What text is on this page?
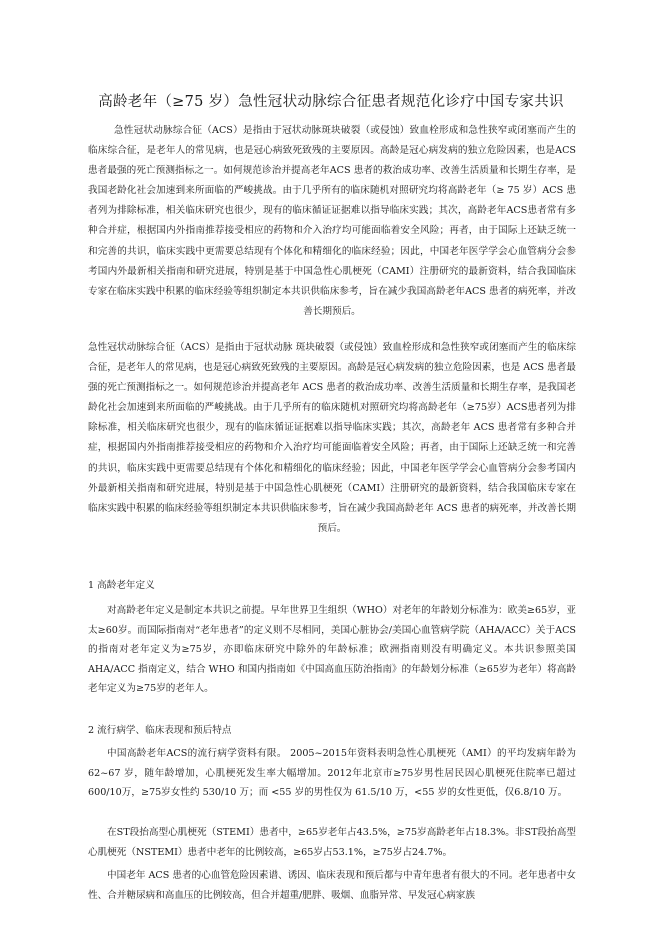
高龄老年（≥75 岁）急性冠状动脉综合征患者规范化诊疗中国专家共识
急性冠状动脉综合征（ACS）是指由于冠状动脉斑块破裂（或侵蚀）致血栓形成和急性狭窄或闭塞而产生的临床综合征，是老年人的常见病，也是冠心病致死致残的主要原因。高龄是冠心病发病的独立危险因素，也是ACS 患者最强的死亡预测指标之一。如何规范诊治并提高老年ACS 患者的救治成功率、改善生活质量和长期生存率，是我国老龄化社会加速到来所面临的严峻挑战。由于几乎所有的临床随机对照研究均将高龄老年（≥ 75 岁）ACS 患者列为排除标准，相关临床研究也很少，现有的临床循证证据难以指导临床实践；其次，高龄老年ACS患者常有多种合并症，根据国内外指南推荐接受相应的药物和介入治疗均可能面临着安全风险；再者，由于国际上还缺乏统一和完善的共识，临床实践中更需要总结现有个体化和精细化的临床经验；因此，中国老年医学学会心血管病分会参考国内外最新相关指南和研究进展，特别是基于中国急性心肌梗死（CAMI）注册研究的最新资料，结合我国临床专家在临床实践中积累的临床经验等组织制定本共识供临床参考，旨在减少我国高龄老年ACS 患者的病死率，并改善长期预后。
急性冠状动脉综合征（ACS）是指由于冠状动脉 斑块破裂（或侵蚀）致血栓形成和急性狭窄或闭塞而产生的临床综合征，是老年人的常见病，也是冠心病致死致残的主要原因。高龄是冠心病发病的独立危险因素，也是 ACS 患者最强的死亡预测指标之一。如何规范诊治并提高老年 ACS 患者的救治成功率、改善生活质量和长期生存率，是我国老龄化社会加速到来所面临的严峻挑战。由于几乎所有的临床随机对照研究均将高龄老年（≥75岁）ACS患者列为排除标准，相关临床研究也很少，现有的临床循证证据难以指导临床实践；其次，高龄老年 ACS 患者常有多种合并症，根据国内外指南推荐接受相应的药物和介入治疗均可能面临着安全风险；再者，由于国际上还缺乏统一和完善的共识，临床实践中更需要总结现有个体化和精细化的临床经验；因此，中国老年医学学会心血管病分会参考国内外最新相关指南和研究进展，特别是基于中国急性心肌梗死（CAMI）注册研究的最新资料，结合我国临床专家在临床实践中积累的临床经验等组织制定本共识供临床参考，旨在减少我国高龄老年 ACS 患者的病死率，并改善长期预后。
1 高龄老年定义
对高龄老年定义是制定本共识之前提。早年世界卫生组织（WHO）对老年的年龄划分标准为：欧美≥65岁，亚太≥60岁。而国际指南对“老年患者”的定义则不尽相同，美国心脏协会/美国心血管病学院（AHA/ACC）关于ACS的指南对老年定义为≥75岁，亦即临床研究中除外的年龄标准；欧洲指南则没有明确定义。本共识参照美国 AHA/ACC 指南定义，结合 WHO 和国内指南如《中国高血压防治指南》的年龄划分标准（≥65岁为老年）将高龄老年定义为≥75岁的老年人。
2 流行病学、临床表现和预后特点
中国高龄老年ACS的流行病学资料有限。 2005~2015年资料表明急性心肌梗死（AMI）的平均发病年龄为 62~67 岁，随年龄增加，心肌梗死发生率大幅增加。2012年北京市≥75岁男性居民因心肌梗死住院率已超过600/10万，≥75岁女性约 530/10 万；而 <55 岁的男性仅为 61.5/10 万，<55 岁的女性更低，仅6.8/10 万。
在ST段抬高型心肌梗死（STEMI）患者中，≥65岁老年占43.5%，≥75岁高龄老年占18.3%。非ST段抬高型心肌梗死（NSTEMI）患者中老年的比例较高，≥65岁占53.1%，≥75岁占24.7%。
中国老年 ACS 患者的心血管危险因素谱、诱因、临床表现和预后都与中青年患者有很大的不同。老年患者中女性、合并糖尿病和高血压的比例较高，但合并超重/肥胖、吸烟、血脂异常、早发冠心病家族
